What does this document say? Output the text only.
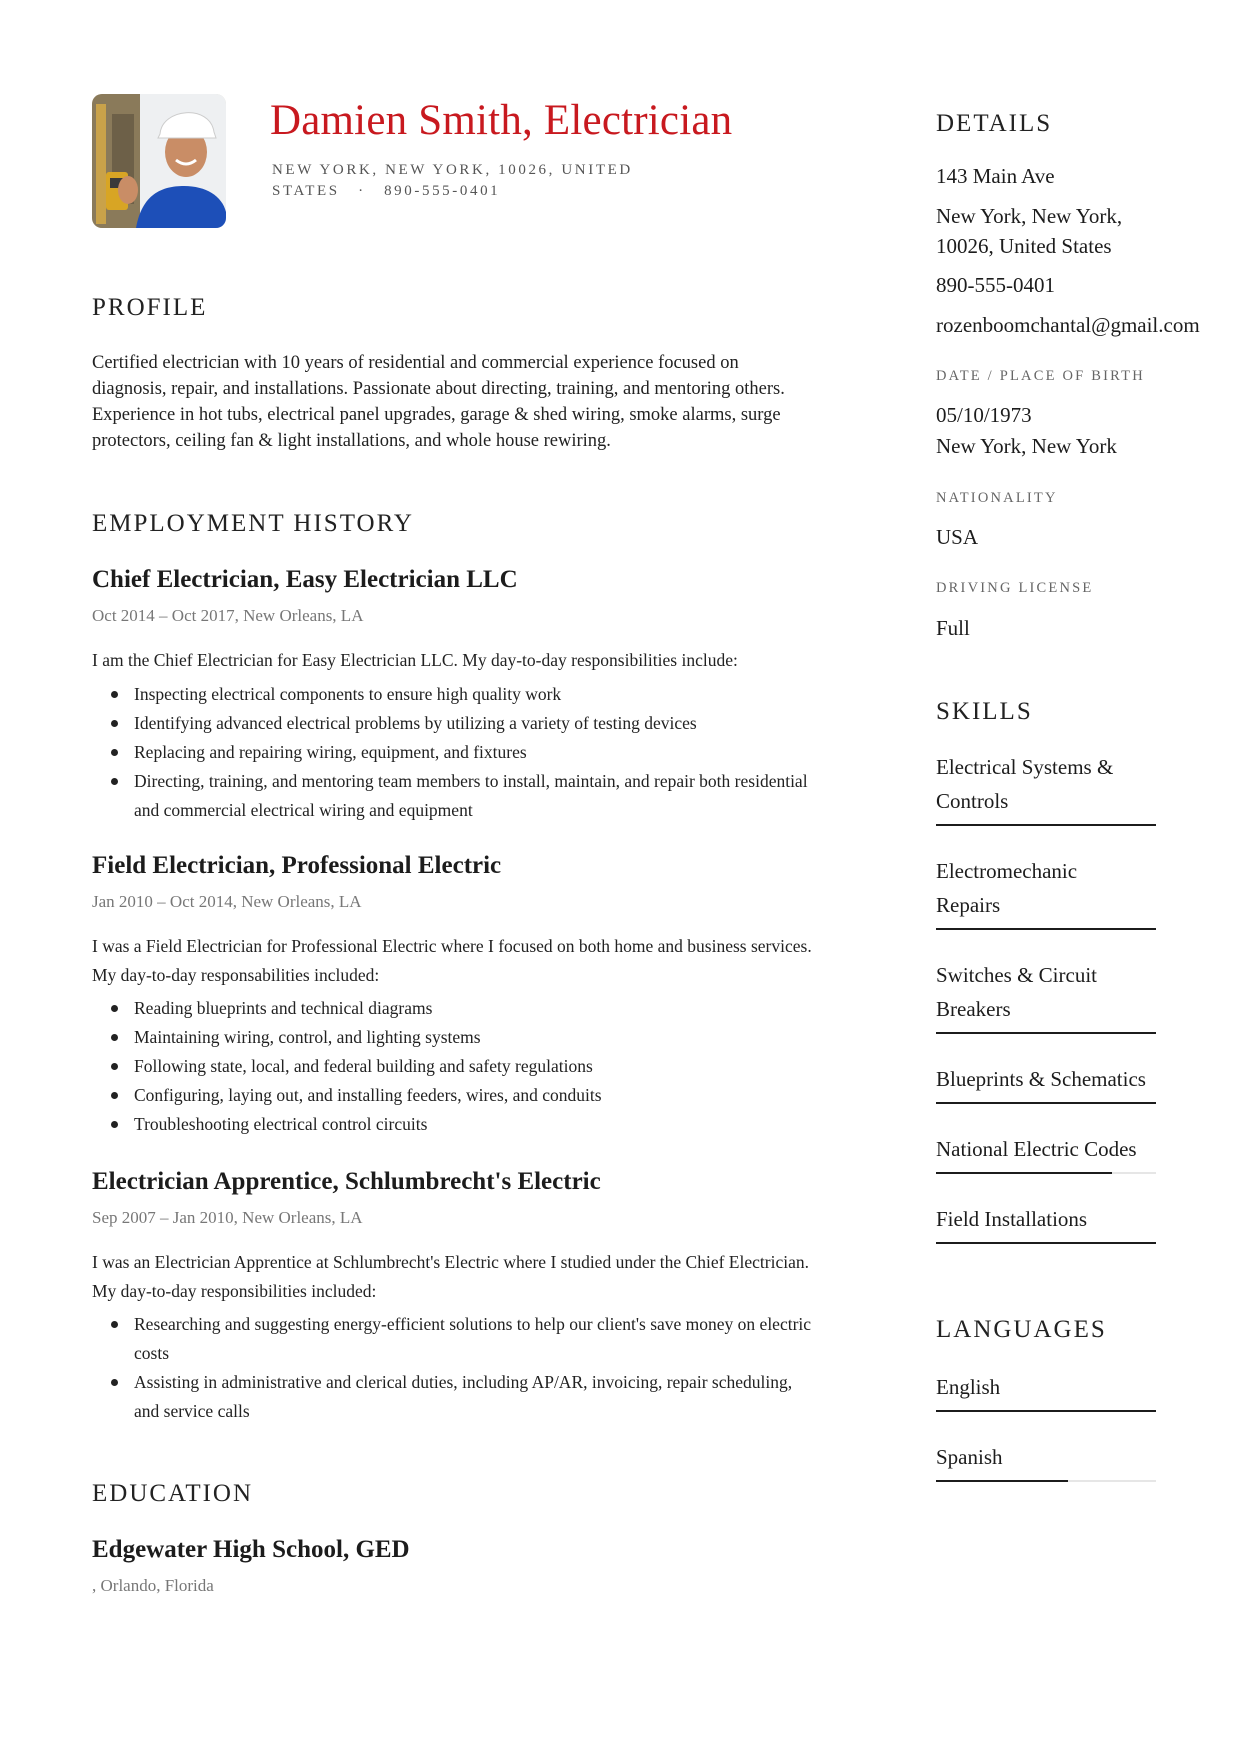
Damien Smith, Electrician
NEW YORK, NEW YORK, 10026, UNITED
STATES · 890-555-0401
PROFILE
Certified electrician with 10 years of residential and commercial experience focused on diagnosis, repair, and installations. Passionate about directing, training, and mentoring others. Experience in hot tubs, electrical panel upgrades, garage & shed wiring, smoke alarms, surge protectors, ceiling fan & light installations, and whole house rewiring.
EMPLOYMENT HISTORY
Chief Electrician, Easy Electrician LLC
Oct 2014 – Oct 2017, New Orleans, LA
I am the Chief Electrician for Easy Electrician LLC. My day-to-day responsibilities include:
Inspecting electrical components to ensure high quality work
Identifying advanced electrical problems by utilizing a variety of testing devices
Replacing and repairing wiring, equipment, and fixtures
Directing, training, and mentoring team members to install, maintain, and repair both residential and commercial electrical wiring and equipment
Field Electrician, Professional Electric
Jan 2010 – Oct 2014, New Orleans, LA
I was a Field Electrician for Professional Electric where I focused on both home and business services. My day-to-day responsabilities included:
Reading blueprints and technical diagrams
Maintaining wiring, control, and lighting systems
Following state, local, and federal building and safety regulations
Configuring, laying out, and installing feeders, wires, and conduits
Troubleshooting electrical control circuits
Electrician Apprentice, Schlumbrecht's Electric
Sep 2007 – Jan 2010, New Orleans, LA
I was an Electrician Apprentice at Schlumbrecht's Electric where I studied under the Chief Electrician. My day-to-day responsibilities included:
Researching and suggesting energy-efficient solutions to help our client's save money on electric costs
Assisting in administrative and clerical duties, including AP/AR, invoicing, repair scheduling, and service calls
EDUCATION
Edgewater High School, GED
, Orlando, Florida
DETAILS
143 Main Ave
New York, New York, 10026, United States
890-555-0401
rozenboomchantal@gmail.com
DATE / PLACE OF BIRTH
05/10/1973
New York, New York
NATIONALITY
USA
DRIVING LICENSE
Full
SKILLS
Electrical Systems & Controls
Electromechanic Repairs
Switches & Circuit Breakers
Blueprints & Schematics
National Electric Codes
Field Installations
LANGUAGES
English
Spanish
